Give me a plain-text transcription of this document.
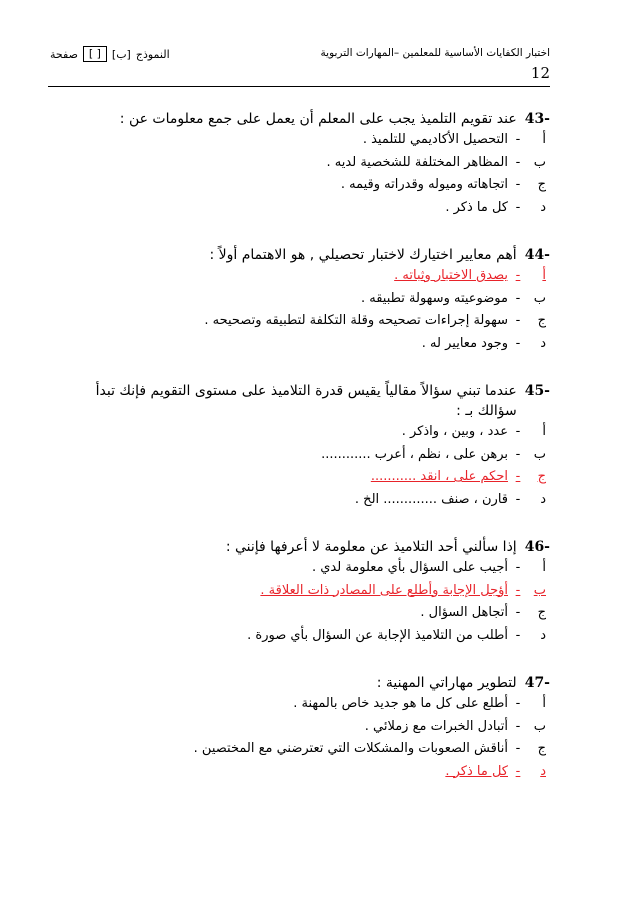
اختبار الكفايات الأساسية للمعلمين –المهارات التربوية
12
النموذج
[ب]
[ ]
صفحة
43-
عند تقويم التلميذ يجب على المعلم أن يعمل على جمع معلومات عن :
أ
-
التحصيل الأكاديمي للتلميذ .
ب
-
المظاهر المختلفة للشخصية لديه .
ج
-
اتجاهاته وميوله وقدراته وقيمه .
د
-
كل ما ذكر .
44-
أهم معايير اختيارك لاختبار تحصيلي , هو الاهتمام أولاً :
أ
-
يصدق الاختبار وثباته .
ب
-
موضوعيته وسهولة تطبيقه .
ج
-
سهولة إجراءات تصحيحه وقلة التكلفة لتطبيقه وتصحيحه .
د
-
وجود معايير له .
45-
عندما تبني سؤالاً مقالياً يقيس قدرة التلاميذ على مستوى التقويم فإنك تبدأ سؤالك بـ :
أ
-
عدد ، وبين ، واذكر .
ب
-
برهن على ، نظم ، أعرب ............
ج
-
احكم على ، انقد ...........
د
-
قارن ، صنف ............. الخ .
46-
إذا سألني أحد التلاميذ عن معلومة لا أعرفها فإنني :
أ
-
أجيب على السؤال بأي معلومة لدي .
ب
-
أؤجل الإجابة وأطلع على المصادر ذات العلاقة .
ج
-
أتجاهل السؤال .
د
-
أطلب من التلاميذ الإجابة عن السؤال بأي صورة .
47-
لتطوير مهاراتي المهنية :
أ
-
أطلع على كل ما هو جديد خاص بالمهنة .
ب
-
أتبادل الخبرات مع زملائي .
ج
-
أناقش الصعوبات والمشكلات التي تعترضني مع المختصين .
د
-
كل ما ذكر .
